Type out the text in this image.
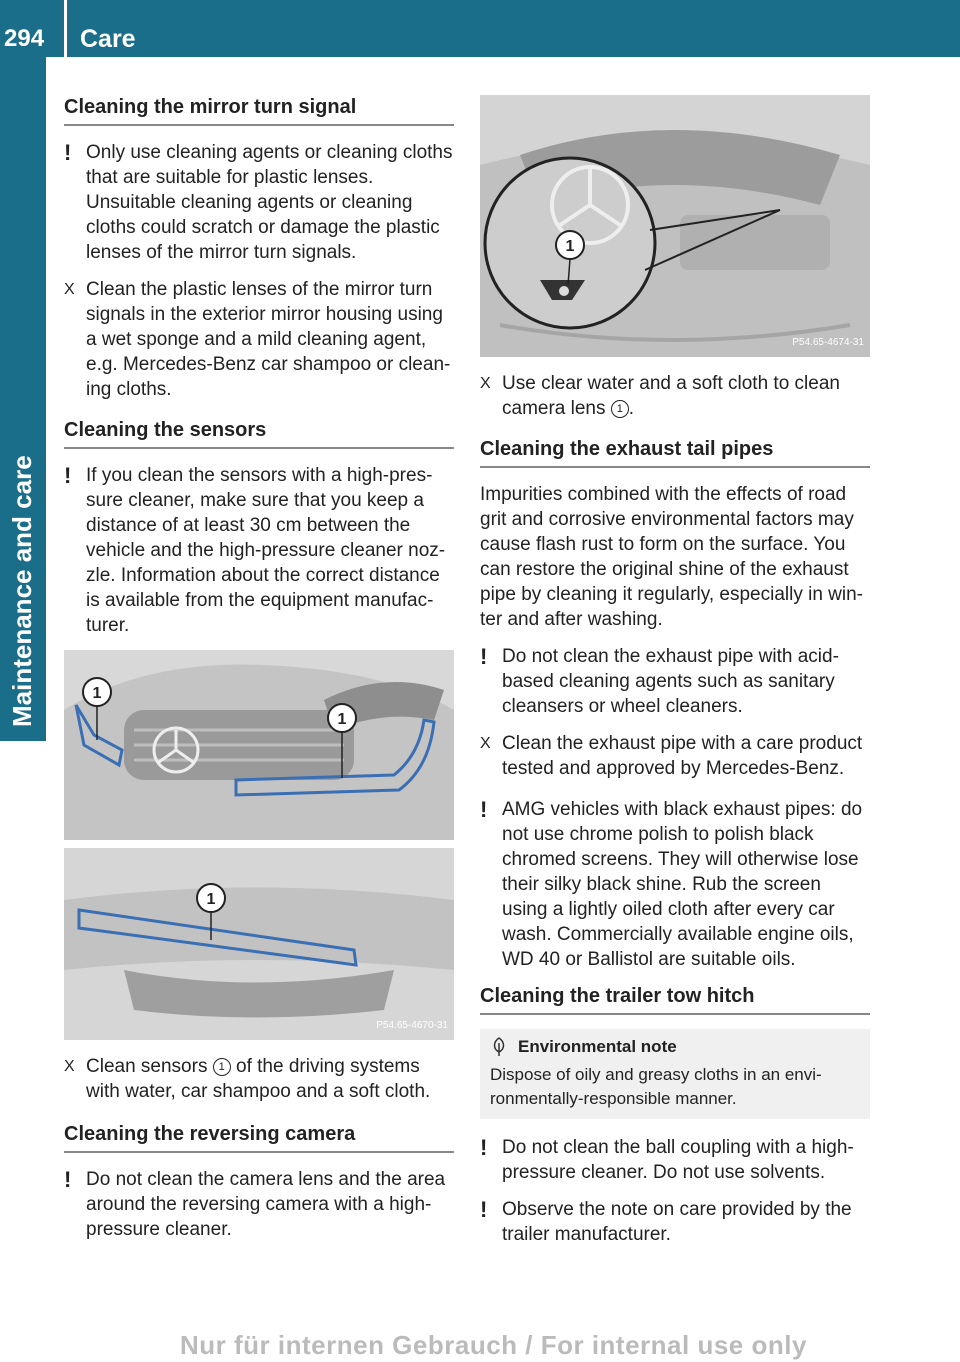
294	Care
Maintenance and care
Cleaning the mirror turn signal
! Only use cleaning agents or cleaning cloths that are suitable for plastic lenses. Unsuitable cleaning agents or cleaning cloths could scratch or damage the plastic lenses of the mirror turn signals.
X Clean the plastic lenses of the mirror turn signals in the exterior mirror housing using a wet sponge and a mild cleaning agent, e.g. Mercedes-Benz car shampoo or clean-ing cloths.
Cleaning the sensors
! If you clean the sensors with a high-pres-sure cleaner, make sure that you keep a distance of at least 30 cm between the vehicle and the high-pressure cleaner noz-zle. Information about the correct distance is available from the equipment manufac-turer.
1
1
1
P54.65-4670-31
X Clean sensors 1 of the driving systems with water, car shampoo and a soft cloth.
Cleaning the reversing camera
! Do not clean the camera lens and the area around the reversing camera with a high-pressure cleaner.
1
P54.65-4674-31
X Use clear water and a soft cloth to clean camera lens 1 .
Cleaning the exhaust tail pipes

Impurities combined with the effects of road grit and corrosive environmental factors may cause flash rust to form on the surface. You can restore the original shine of the exhaust pipe by cleaning it regularly, especially in win-ter and after washing.

! Do not clean the exhaust pipe with acid-based cleaning agents such as sanitary cleansers or wheel cleaners.
X Clean the exhaust pipe with a care product tested and approved by Mercedes-Benz.
! AMG vehicles with black exhaust pipes: do not use chrome polish to polish black chromed screens. They will otherwise lose their silky black shine. Rub the screen using a lightly oiled cloth after every car wash. Commercially available engine oils, WD 40 or Ballistol are suitable oils.
Cleaning the trailer tow hitch
Environmental note
Dispose of oily and greasy cloths in an envi-ronmentally-responsible manner.
! Do not clean the ball coupling with a high-pressure cleaner. Do not use solvents.
! Observe the note on care provided by the trailer manufacturer.
Nur für internen Gebrauch / For internal use only
